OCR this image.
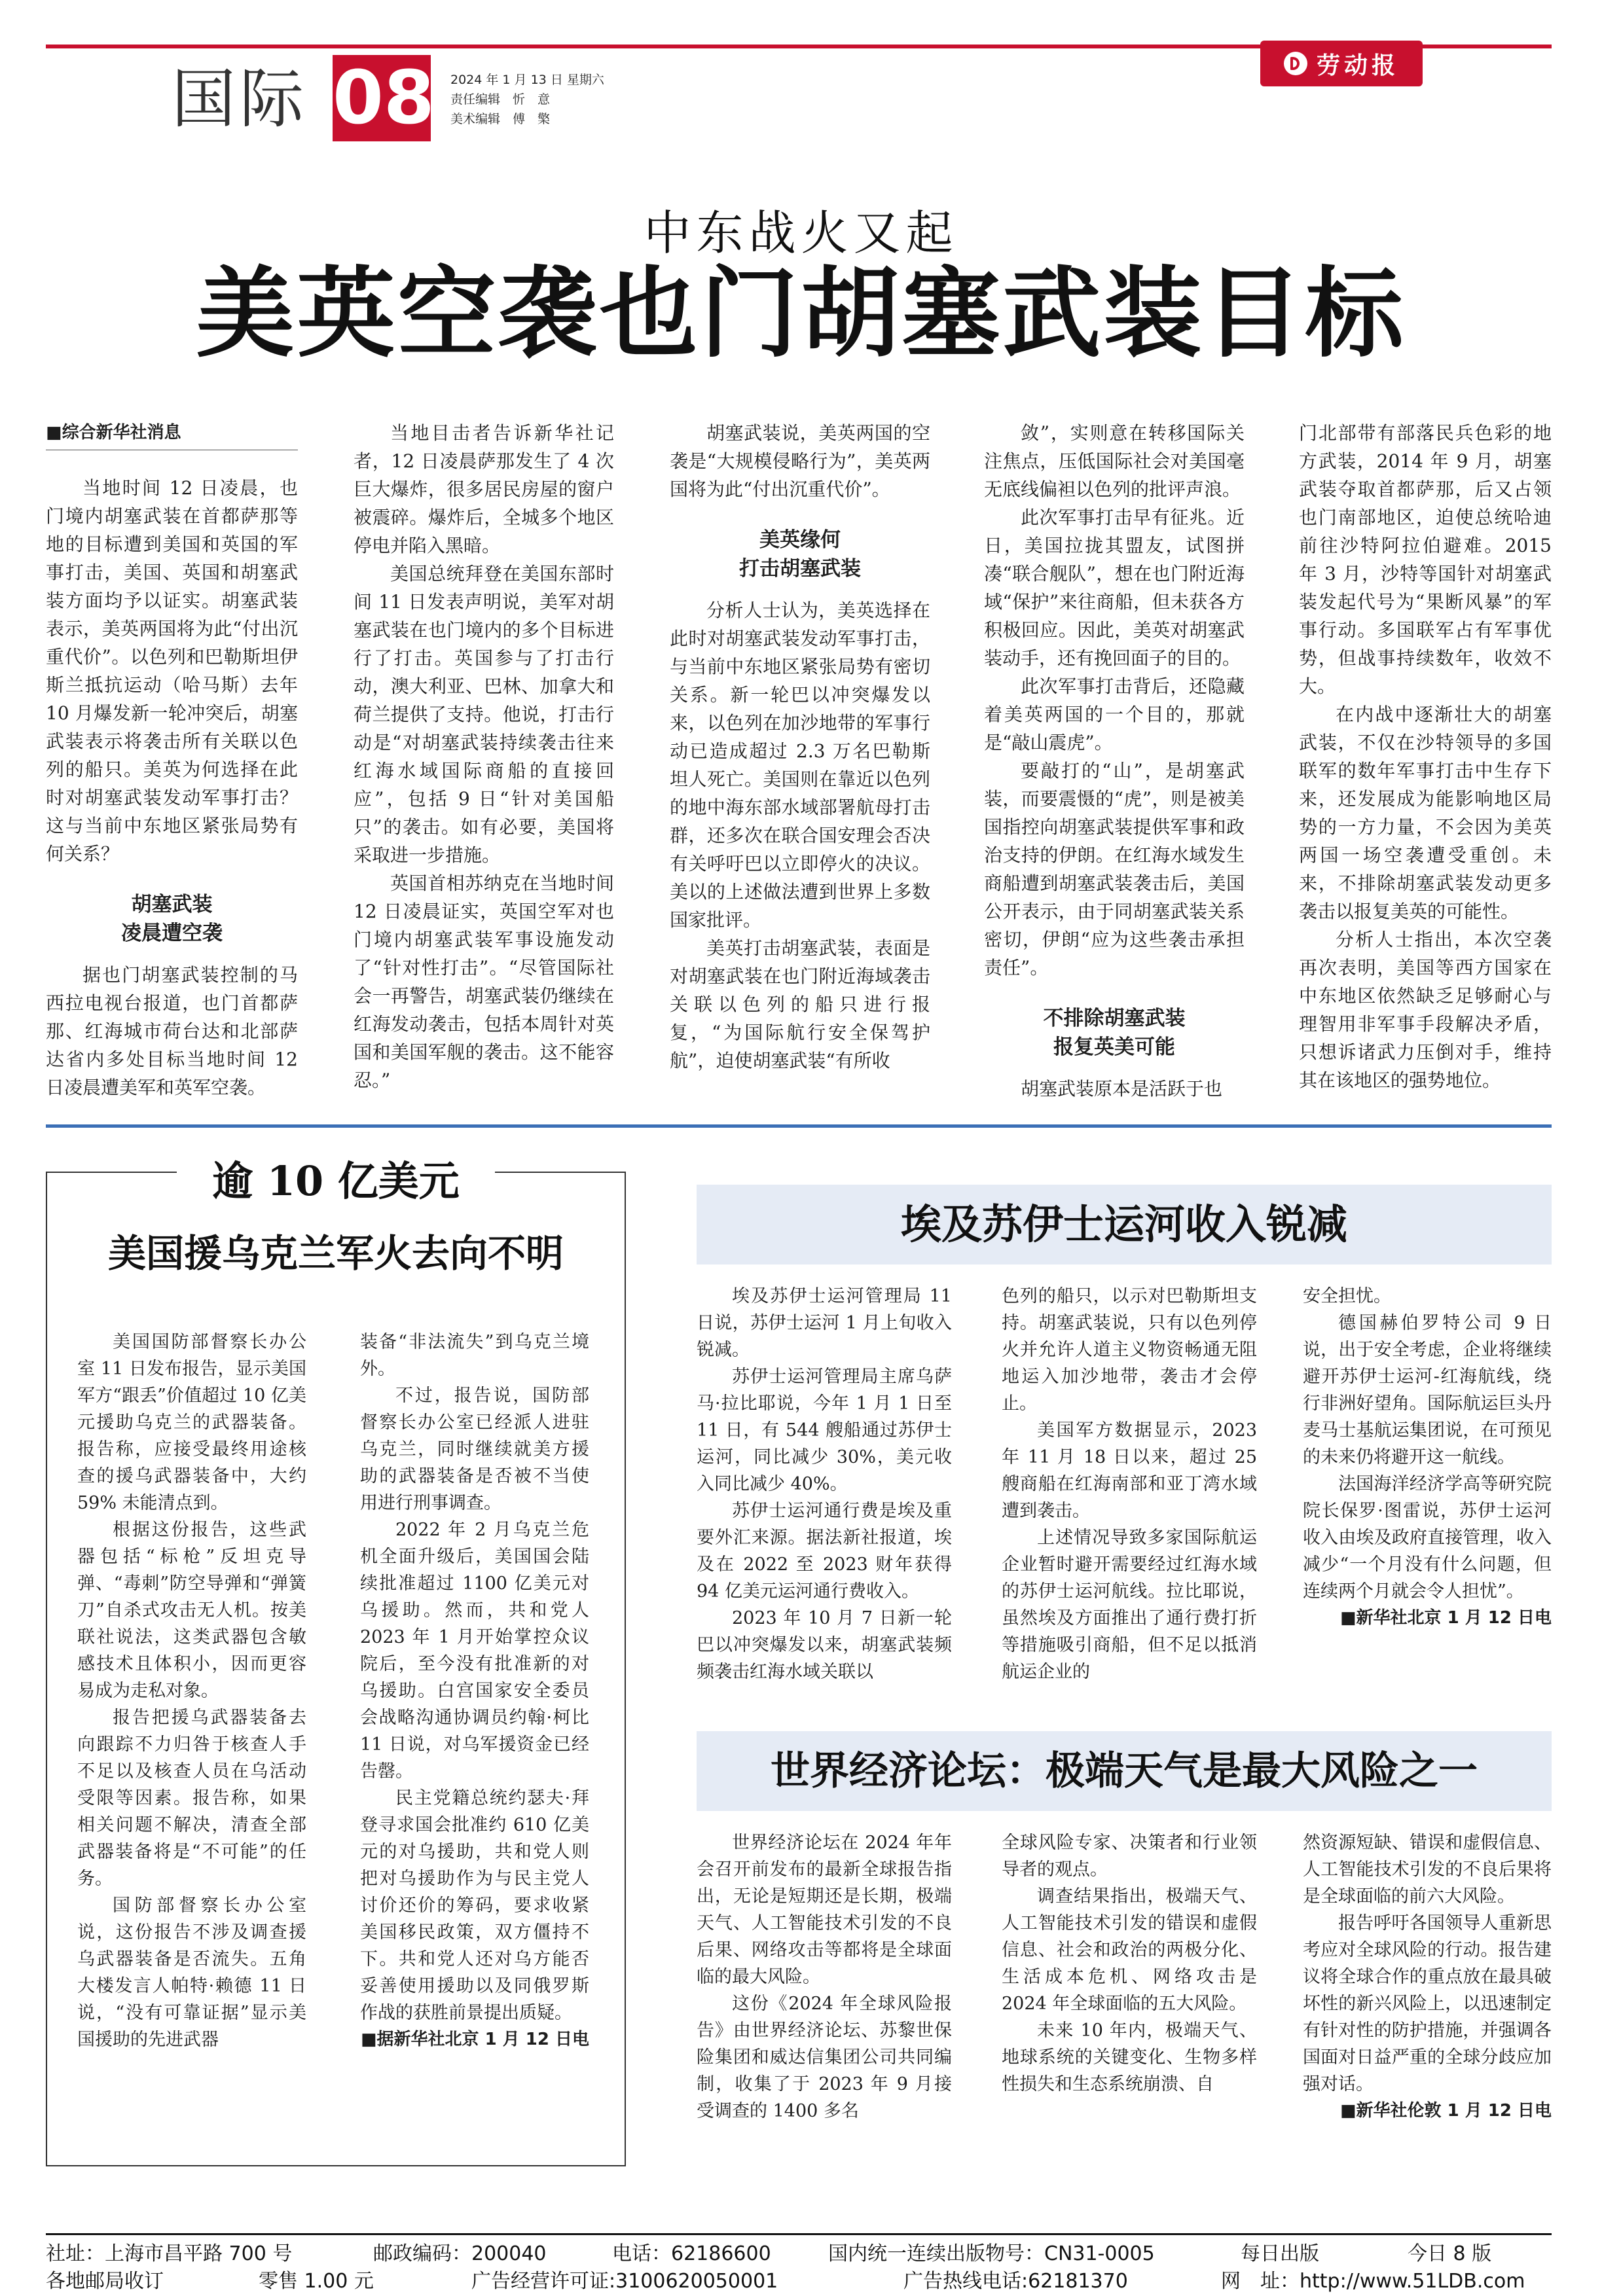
国际 08 2024 年 1 月 13 日 星期六
责任编辑　忻　意
美术编辑　傅　檠
劳动报
中东战火又起
美英空袭也门胡塞武装目标

■综合新华社消息

当地时间 12 日凌晨，也门境内胡塞武装在首都萨那等地的目标遭到美国和英国的军事打击，美国、英国和胡塞武装方面均予以证实。胡塞武装表示，美英两国将为此“付出沉重代价”。以色列和巴勒斯坦伊斯兰抵抗运动（哈马斯）去年 10 月爆发新一轮冲突后，胡塞武装表示将袭击所有关联以色列的船只。美英为何选择在此时对胡塞武装发动军事打击？这与当前中东地区紧张局势有何关系？

胡塞武装
凌晨遭空袭

据也门胡塞武装控制的马西拉电视台报道，也门首都萨那、红海城市荷台达和北部萨达省内多处目标当地时间 12 日凌晨遭美军和英军空袭。

当地目击者告诉新华社记者，12 日凌晨萨那发生了 4 次巨大爆炸，很多居民房屋的窗户被震碎。爆炸后，全城多个地区停电并陷入黑暗。

美国总统拜登在美国东部时间 11 日发表声明说，美军对胡塞武装在也门境内的多个目标进行了打击。英国参与了打击行动，澳大利亚、巴林、加拿大和荷兰提供了支持。他说，打击行动是“对胡塞武装持续袭击往来红海水域国际商船的直接回应”，包括 9 日“针对美国船只”的袭击。如有必要，美国将采取进一步措施。

英国首相苏纳克在当地时间 12 日凌晨证实，英国空军对也门境内胡塞武装军事设施发动了“针对性打击”。“尽管国际社会一再警告，胡塞武装仍继续在红海发动袭击，包括本周针对英国和美国军舰的袭击。这不能容忍。”

胡塞武装说，美英两国的空袭是“大规模侵略行为”，美英两国将为此“付出沉重代价”。

美英缘何
打击胡塞武装

分析人士认为，美英选择在此时对胡塞武装发动军事打击，与当前中东地区紧张局势有密切关系。新一轮巴以冲突爆发以来，以色列在加沙地带的军事行动已造成超过 2.3 万名巴勒斯坦人死亡。美国则在靠近以色列的地中海东部水域部署航母打击群，还多次在联合国安理会否决有关呼吁巴以立即停火的决议。美以的上述做法遭到世界上多数国家批评。

美英打击胡塞武装，表面是对胡塞武装在也门附近海域袭击关联以色列的船只进行报复，“为国际航行安全保驾护航”，迫使胡塞武装“有所收

敛”，实则意在转移国际关注焦点，压低国际社会对美国毫无底线偏袒以色列的批评声浪。

此次军事打击早有征兆。近日，美国拉拢其盟友，试图拼凑“联合舰队”，想在也门附近海域“保护”来往商船，但未获各方积极回应。因此，美英对胡塞武装动手，还有挽回面子的目的。

此次军事打击背后，还隐藏着美英两国的一个目的，那就是“敲山震虎”。

要敲打的“山”，是胡塞武装，而要震慑的“虎”，则是被美国指控向胡塞武装提供军事和政治支持的伊朗。在红海水域发生商船遭到胡塞武装袭击后，美国公开表示，由于同胡塞武装关系密切，伊朗“应为这些袭击承担责任”。

不排除胡塞武装
报复英美可能

胡塞武装原本是活跃于也

门北部带有部落民兵色彩的地方武装，2014 年 9 月，胡塞武装夺取首都萨那，后又占领也门南部地区，迫使总统哈迪前往沙特阿拉伯避难。2015 年 3 月，沙特等国针对胡塞武装发起代号为“果断风暴”的军事行动。多国联军占有军事优势，但战事持续数年，收效不大。

在内战中逐渐壮大的胡塞武装，不仅在沙特领导的多国联军的数年军事打击中生存下来，还发展成为能影响地区局势的一方力量，不会因为美英两国一场空袭遭受重创。未来，不排除胡塞武装发动更多袭击以报复美英的可能性。

分析人士指出，本次空袭再次表明，美国等西方国家在中东地区依然缺乏足够耐心与理智用非军事手段解决矛盾，只想诉诸武力压倒对手，维持其在该地区的强势地位。

逾 10 亿美元
美国援乌克兰军火去向不明

美国国防部督察长办公室 11 日发布报告，显示美国军方“跟丢”价值超过 10 亿美元援助乌克兰的武器装备。报告称，应接受最终用途核查的援乌武器装备中，大约 59% 未能清点到。

根据这份报告，这些武器包括“标枪”反坦克导弹、“毒刺”防空导弹和“弹簧刀”自杀式攻击无人机。按美联社说法，这类武器包含敏感技术且体积小，因而更容易成为走私对象。

报告把援乌武器装备去向跟踪不力归咎于核查人手不足以及核查人员在乌活动受限等因素。报告称，如果相关问题不解决，清查全部武器装备将是“不可能”的任务。

国防部督察长办公室说，这份报告不涉及调查援乌武器装备是否流失。五角大楼发言人帕特·赖德 11 日说，“没有可靠证据”显示美国援助的先进武器

装备“非法流失”到乌克兰境外。

不过，报告说，国防部督察长办公室已经派人进驻乌克兰，同时继续就美方援助的武器装备是否被不当使用进行刑事调查。

2022 年 2 月乌克兰危机全面升级后，美国国会陆续批准超过 1100 亿美元对乌援助。然而，共和党人 2023 年 1 月开始掌控众议院后，至今没有批准新的对乌援助。白宫国家安全委员会战略沟通协调员约翰·柯比 11 日说，对乌军援资金已经告罄。

民主党籍总统约瑟夫·拜登寻求国会批准约 610 亿美元的对乌援助，共和党人则把对乌援助作为与民主党人讨价还价的筹码，要求收紧美国移民政策，双方僵持不下。共和党人还对乌方能否妥善使用援助以及同俄罗斯作战的获胜前景提出质疑。

■据新华社北京 1 月 12 日电

埃及苏伊士运河收入锐减

埃及苏伊士运河管理局 11 日说，苏伊士运河 1 月上旬收入锐减。

苏伊士运河管理局主席乌萨马·拉比耶说，今年 1 月 1 日至 11 日，有 544 艘船通过苏伊士运河，同比减少 30%，美元收入同比减少 40%。

苏伊士运河通行费是埃及重要外汇来源。据法新社报道，埃及在 2022 至 2023 财年获得 94 亿美元运河通行费收入。

2023 年 10 月 7 日新一轮巴以冲突爆发以来，胡塞武装频频袭击红海水域关联以

色列的船只，以示对巴勒斯坦支持。胡塞武装说，只有以色列停火并允许人道主义物资畅通无阻地运入加沙地带，袭击才会停止。

美国军方数据显示，2023 年 11 月 18 日以来，超过 25 艘商船在红海南部和亚丁湾水域遭到袭击。

上述情况导致多家国际航运企业暂时避开需要经过红海水域的苏伊士运河航线。拉比耶说，虽然埃及方面推出了通行费打折等措施吸引商船，但不足以抵消航运企业的

安全担忧。

德国赫伯罗特公司 9 日说，出于安全考虑，企业将继续避开苏伊士运河-红海航线，绕行非洲好望角。国际航运巨头丹麦马士基航运集团说，在可预见的未来仍将避开这一航线。

法国海洋经济学高等研究院院长保罗·图雷说，苏伊士运河收入由埃及政府直接管理，收入减少“一个月没有什么问题，但连续两个月就会令人担忧”。

■新华社北京 1 月 12 日电

世界经济论坛：极端天气是最大风险之一

世界经济论坛在 2024 年年会召开前发布的最新全球报告指出，无论是短期还是长期，极端天气、人工智能技术引发的不良后果、网络攻击等都将是全球面临的最大风险。

这份《2024 年全球风险报告》由世界经济论坛、苏黎世保险集团和威达信集团公司共同编制，收集了于 2023 年 9 月接受调查的 1400 多名

全球风险专家、决策者和行业领导者的观点。

调查结果指出，极端天气、人工智能技术引发的错误和虚假信息、社会和政治的两极分化、生活成本危机、网络攻击是 2024 年全球面临的五大风险。

未来 10 年内，极端天气、地球系统的关键变化、生物多样性损失和生态系统崩溃、自

然资源短缺、错误和虚假信息、人工智能技术引发的不良后果将是全球面临的前六大风险。

报告呼吁各国领导人重新思考应对全球风险的行动。报告建议将全球合作的重点放在最具破坏性的新兴风险上，以迅速制定有针对性的防护措施，并强调各国面对日益严重的全球分歧应加强对话。

■新华社伦敦 1 月 12 日电

社址：上海市昌平路 700 号	邮政编码：200040	电话：62186600	国内统一连续出版物号：CN31-0005	每日出版	今日 8 版
各地邮局收订	零售 1.00 元	广告经营许可证:3100620050001	广告热线电话:62181370	网　址：http://www.51LDB.com
